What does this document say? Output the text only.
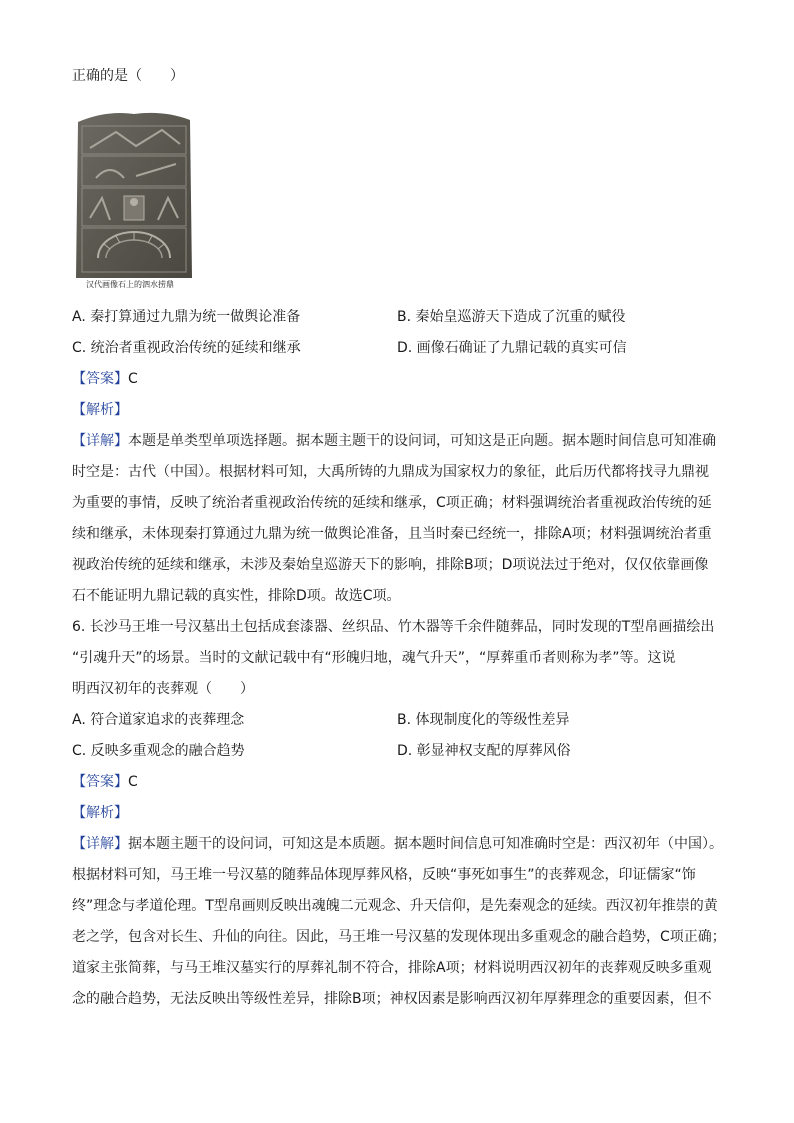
正确的是（　　）
汉代画像石上的泗水捞鼎
A. 秦打算通过九鼎为统一做舆论准备	B. 秦始皇巡游天下造成了沉重的赋役
C. 统治者重视政治传统的延续和继承	D. 画像石确证了九鼎记载的真实可信
【答案】C
【解析】
【详解】本题是单类型单项选择题。据本题主题干的设问词，可知这是正向题。据本题时间信息可知准确
时空是：古代（中国）。根据材料可知，大禹所铸的九鼎成为国家权力的象征，此后历代都将找寻九鼎视
为重要的事情，反映了统治者重视政治传统的延续和继承，C项正确；材料强调统治者重视政治传统的延
续和继承，未体现秦打算通过九鼎为统一做舆论准备，且当时秦已经统一，排除A项；材料强调统治者重
视政治传统的延续和继承，未涉及秦始皇巡游天下的影响，排除B项；D项说法过于绝对，仅仅依靠画像
石不能证明九鼎记载的真实性，排除D项。故选C项。
6. 长沙马王堆一号汉墓出土包括成套漆器、丝织品、竹木器等千余件随葬品，同时发现的T型帛画描绘出
“引魂升天”的场景。当时的文献记载中有“形魄归地，魂气升天”，“厚葬重币者则称为孝”等。这说
明西汉初年的丧葬观（　　）
A. 符合道家追求的丧葬理念	B. 体现制度化的等级性差异
C. 反映多重观念的融合趋势	D. 彰显神权支配的厚葬风俗
【答案】C
【解析】
【详解】据本题主题干的设问词，可知这是本质题。据本题时间信息可知准确时空是：西汉初年（中国）。
根据材料可知，马王堆一号汉墓的随葬品体现厚葬风格，反映“事死如事生”的丧葬观念，印证儒家“饰
终”理念与孝道伦理。T型帛画则反映出魂魄二元观念、升天信仰，是先秦观念的延续。西汉初年推崇的黄
老之学，包含对长生、升仙的向往。因此，马王堆一号汉墓的发现体现出多重观念的融合趋势，C项正确；
道家主张简葬，与马王堆汉墓实行的厚葬礼制不符合，排除A项；材料说明西汉初年的丧葬观反映多重观
念的融合趋势，无法反映出等级性差异，排除B项；神权因素是影响西汉初年厚葬理念的重要因素，但不
